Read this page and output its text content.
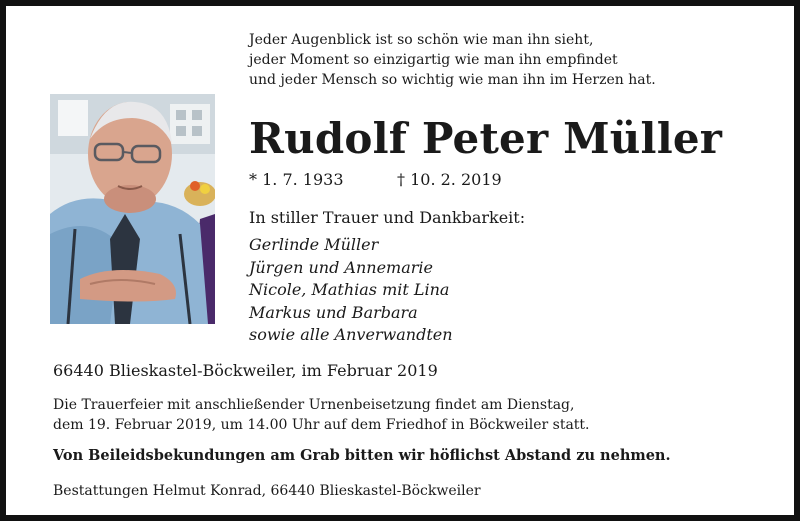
Jeder Augenblick ist so schön wie man ihn sieht,
jeder Moment so einzigartig wie man ihn empfindet
und jeder Mensch so wichtig wie man ihn im Herzen hat.
Rudolf Peter Müller
* 1. 7. 1933	† 10. 2. 2019
In stiller Trauer und Dankbarkeit:
Gerlinde Müller
Jürgen und Annemarie
Nicole, Mathias mit Lina
Markus und Barbara
sowie alle Anverwandten
66440 Blieskastel-Böckweiler, im Februar 2019
Die Trauerfeier mit anschließender Urnenbeisetzung findet am Dienstag,
dem 19. Februar 2019, um 14.00 Uhr auf dem Friedhof in Böckweiler statt.
Von Beileidsbekundungen am Grab bitten wir höflichst Abstand zu nehmen.
Bestattungen Helmut Konrad, 66440 Blieskastel-Böckweiler
